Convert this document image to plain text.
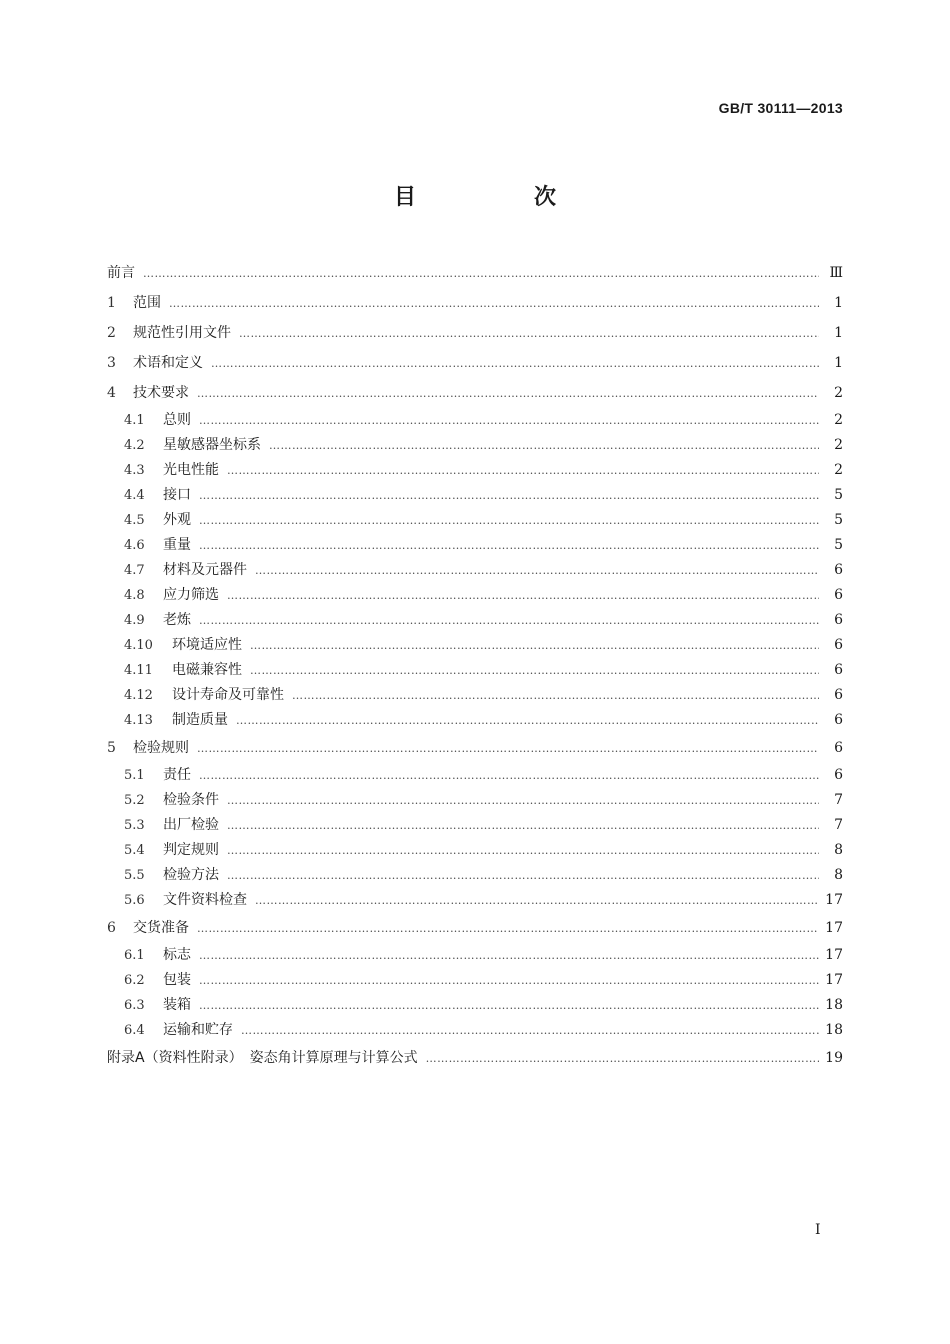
GB/T 30111—2013
目　次
前言 ……………………………………………………………………………………………………………………………………………………………………………………………………………………………………………………	Ⅲ
1	范围 ……………………………………………………………………………………………………………………………………………………………………………………………………………………………………………………	1
2	规范性引用文件 ……………………………………………………………………………………………………………………………………………………………………………………………………………………………………………………	1
3	术语和定义 ……………………………………………………………………………………………………………………………………………………………………………………………………………………………………………………	1
4	技术要求 ……………………………………………………………………………………………………………………………………………………………………………………………………………………………………………………	2
4.1	总则 ……………………………………………………………………………………………………………………………………………………………………………………………………………………………………………………	2
4.2	星敏感器坐标系 ……………………………………………………………………………………………………………………………………………………………………………………………………………………………………………………	2
4.3	光电性能 ……………………………………………………………………………………………………………………………………………………………………………………………………………………………………………………	2
4.4	接口 ……………………………………………………………………………………………………………………………………………………………………………………………………………………………………………………	5
4.5	外观 ……………………………………………………………………………………………………………………………………………………………………………………………………………………………………………………	5
4.6	重量 ……………………………………………………………………………………………………………………………………………………………………………………………………………………………………………………	5
4.7	材料及元器件 ……………………………………………………………………………………………………………………………………………………………………………………………………………………………………………………	6
4.8	应力筛选 ……………………………………………………………………………………………………………………………………………………………………………………………………………………………………………………	6
4.9	老炼 ……………………………………………………………………………………………………………………………………………………………………………………………………………………………………………………	6
4.10	环境适应性 ……………………………………………………………………………………………………………………………………………………………………………………………………………………………………………………	6
4.11	电磁兼容性 ……………………………………………………………………………………………………………………………………………………………………………………………………………………………………………………	6
4.12	设计寿命及可靠性 ……………………………………………………………………………………………………………………………………………………………………………………………………………………………………………………	6
4.13	制造质量 ……………………………………………………………………………………………………………………………………………………………………………………………………………………………………………………	6
5	检验规则 ……………………………………………………………………………………………………………………………………………………………………………………………………………………………………………………	6
5.1	责任 ……………………………………………………………………………………………………………………………………………………………………………………………………………………………………………………	6
5.2	检验条件 ……………………………………………………………………………………………………………………………………………………………………………………………………………………………………………………	7
5.3	出厂检验 ……………………………………………………………………………………………………………………………………………………………………………………………………………………………………………………	7
5.4	判定规则 ……………………………………………………………………………………………………………………………………………………………………………………………………………………………………………………	8
5.5	检验方法 ……………………………………………………………………………………………………………………………………………………………………………………………………………………………………………………	8
5.6	文件资料检查 ……………………………………………………………………………………………………………………………………………………………………………………………………………………………………………………	17
6	交货准备 ……………………………………………………………………………………………………………………………………………………………………………………………………………………………………………………	17
6.1	标志 ……………………………………………………………………………………………………………………………………………………………………………………………………………………………………………………	17
6.2	包装 ……………………………………………………………………………………………………………………………………………………………………………………………………………………………………………………	17
6.3	装箱 ……………………………………………………………………………………………………………………………………………………………………………………………………………………………………………………	18
6.4	运输和贮存 ……………………………………………………………………………………………………………………………………………………………………………………………………………………………………………………	18
附录A（资料性附录）　姿态角计算原理与计算公式 ……………………………………………………………………………………………………………………………………………………………………………………………………………………………………………………	19
I
